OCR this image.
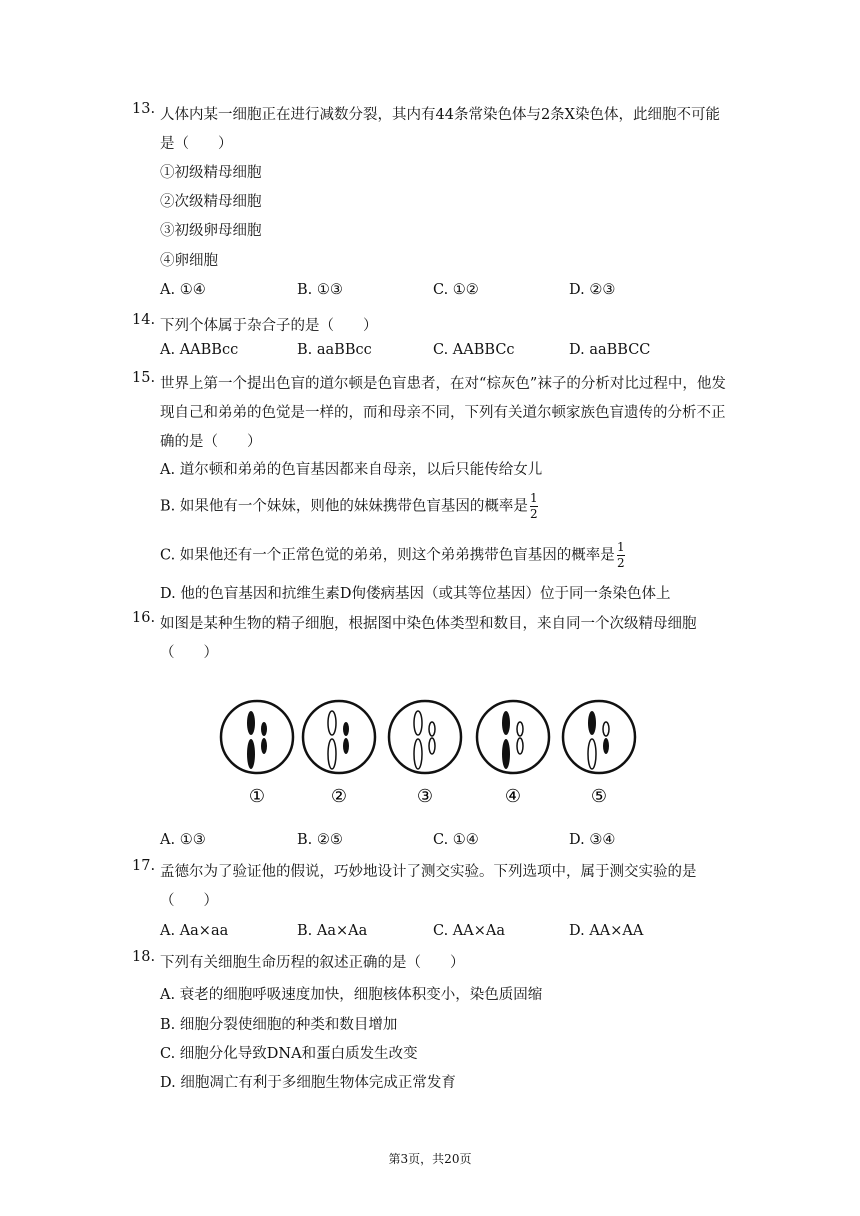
13. 人体内某一细胞正在进行减数分裂，其内有44条常染色体与2条X染色体，此细胞不可能是（　　）
①初级精母细胞
②次级精母细胞
③初级卵母细胞
④卵细胞
A. ①④	B. ①③	C. ①②	D. ②③
14. 下列个体属于杂合子的是（　　）
A. AABBcc	B. aaBBcc	C. AABBCc	D. aaBBCC
15. 世界上第一个提出色盲的道尔顿是色盲患者，在对“棕灰色”袜子的分析对比过程中，他发现自己和弟弟的色觉是一样的，而和母亲不同，下列有关道尔顿家族色盲遗传的分析不正确的是（　　）
A. 道尔顿和弟弟的色盲基因都来自母亲，以后只能传给女儿
B. 如果他有一个妹妹，则他的妹妹携带色盲基因的概率是 $\frac{1}{2}$
C. 如果他还有一个正常色觉的弟弟，则这个弟弟携带色盲基因的概率是 $\frac{1}{2}$
D. 他的色盲基因和抗维生素D佝偻病基因（或其等位基因）位于同一条染色体上
16. 如图是某种生物的精子细胞，根据图中染色体类型和数目，来自同一个次级精母细胞（　　）
①	②	③	④	⑤
A. ①③	B. ②⑤	C. ①④	D. ③④
17. 孟德尔为了验证他的假说，巧妙地设计了测交实验。下列选项中，属于测交实验的是（　　）
A. Aa×aa	B. Aa×Aa	C. AA×Aa	D. AA×AA
18. 下列有关细胞生命历程的叙述正确的是（　　）
A. 衰老的细胞呼吸速度加快，细胞核体积变小，染色质固缩
B. 细胞分裂使细胞的种类和数目增加
C. 细胞分化导致DNA和蛋白质发生改变
D. 细胞凋亡有利于多细胞生物体完成正常发育
第3页，共20页
